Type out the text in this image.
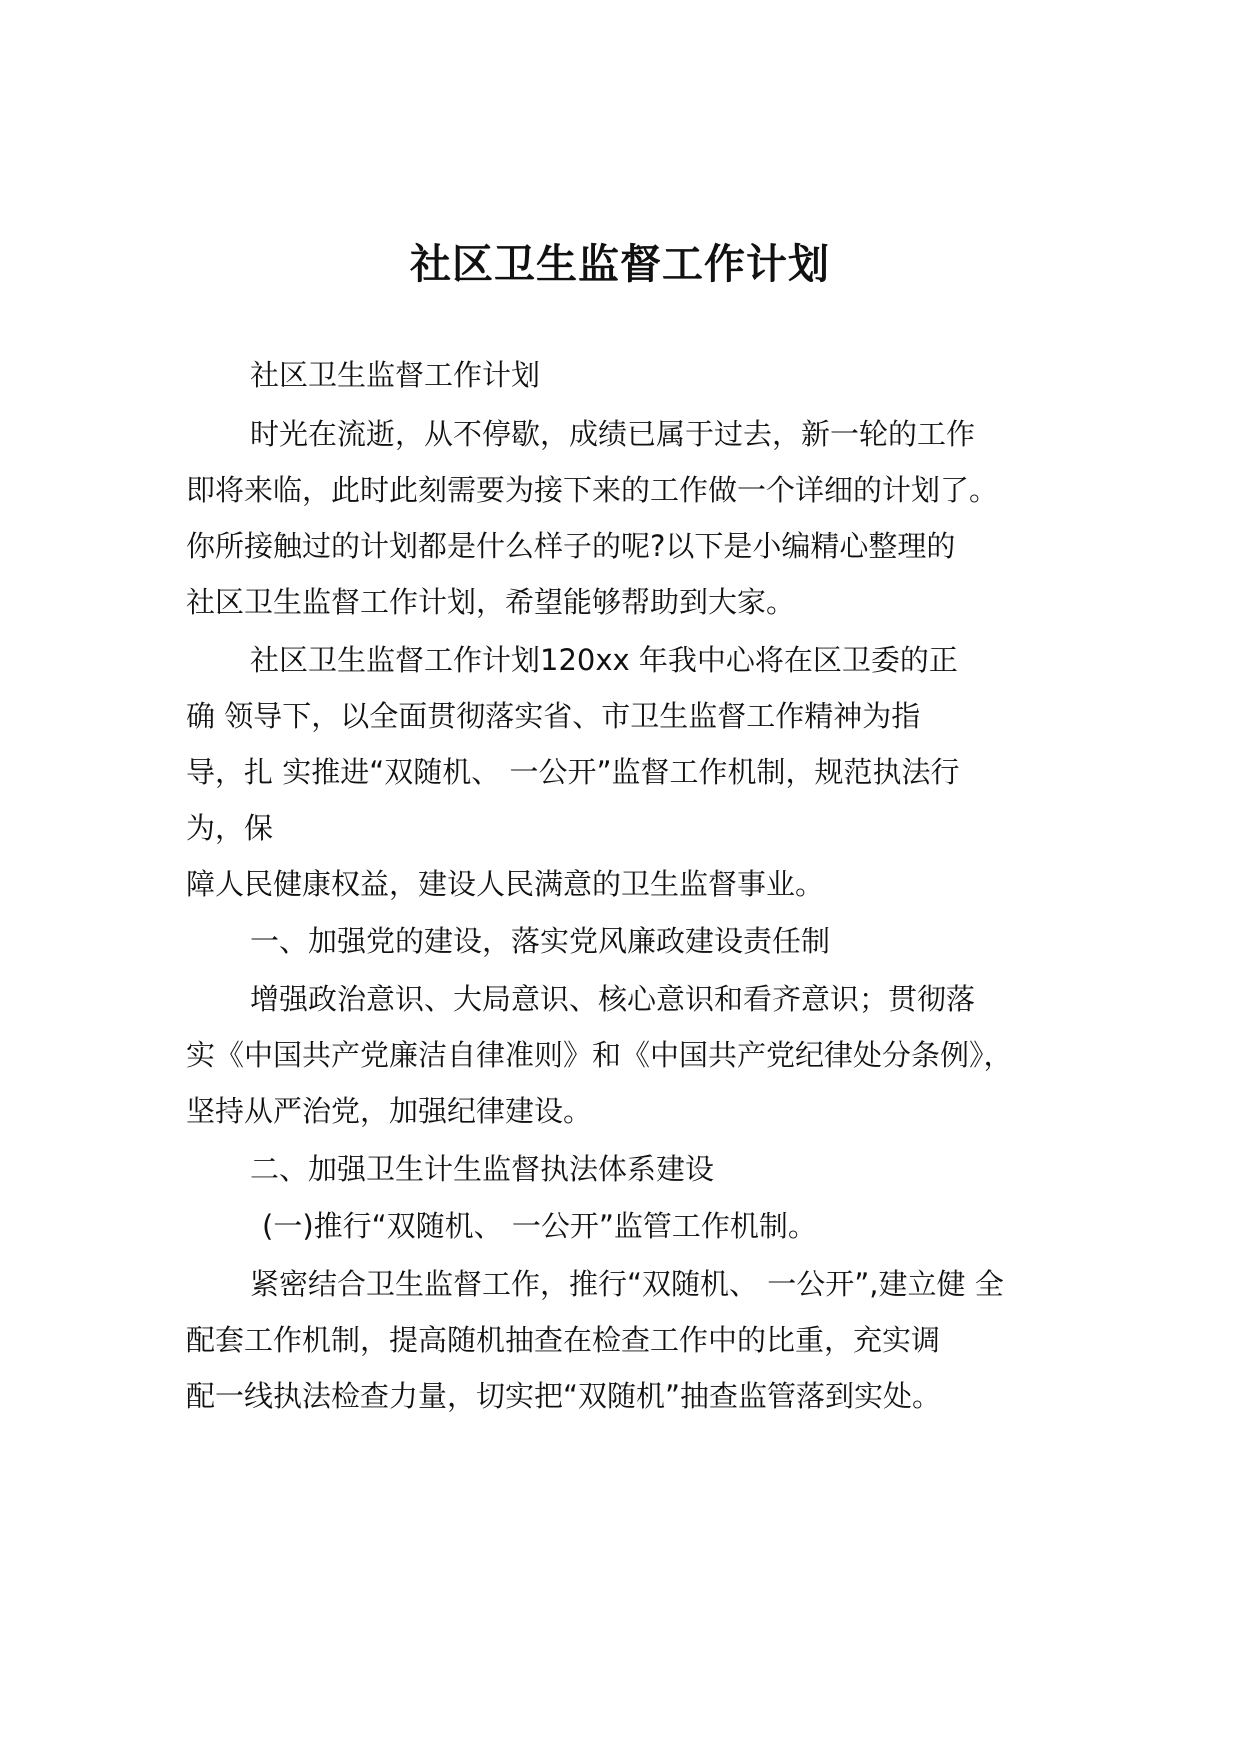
社区卫生监督工作计划
社区卫生监督工作计划
时光在流逝，从不停歇，成绩已属于过去，新一轮的工作
即将来临，此时此刻需要为接下来的工作做一个详细的计划了。
你所接触过的计划都是什么样子的呢?以下是小编精心整理的
社区卫生监督工作计划，希望能够帮助到大家。
社区卫生监督工作计划120xx 年我中心将在区卫委的正
确 领导下，以全面贯彻落实省、市卫生监督工作精神为指
导，扎 实推进“双随机、 一公开”监督工作机制，规范执法行
为，保
障人民健康权益，建设人民满意的卫生监督事业。
一、加强党的建设，落实党风廉政建设责任制
增强政治意识、大局意识、核心意识和看齐意识；贯彻落
实《中国共产党廉洁自律准则》和《中国共产党纪律处分条例》，
坚持从严治党，加强纪律建设。
二、加强卫生计生监督执法体系建设
(一)推行“双随机、 一公开”监管工作机制。
紧密结合卫生监督工作，推行“双随机、 一公开”,建立健 全
配套工作机制，提高随机抽查在检查工作中的比重，充实调
配一线执法检查力量，切实把“双随机”抽查监管落到实处。
